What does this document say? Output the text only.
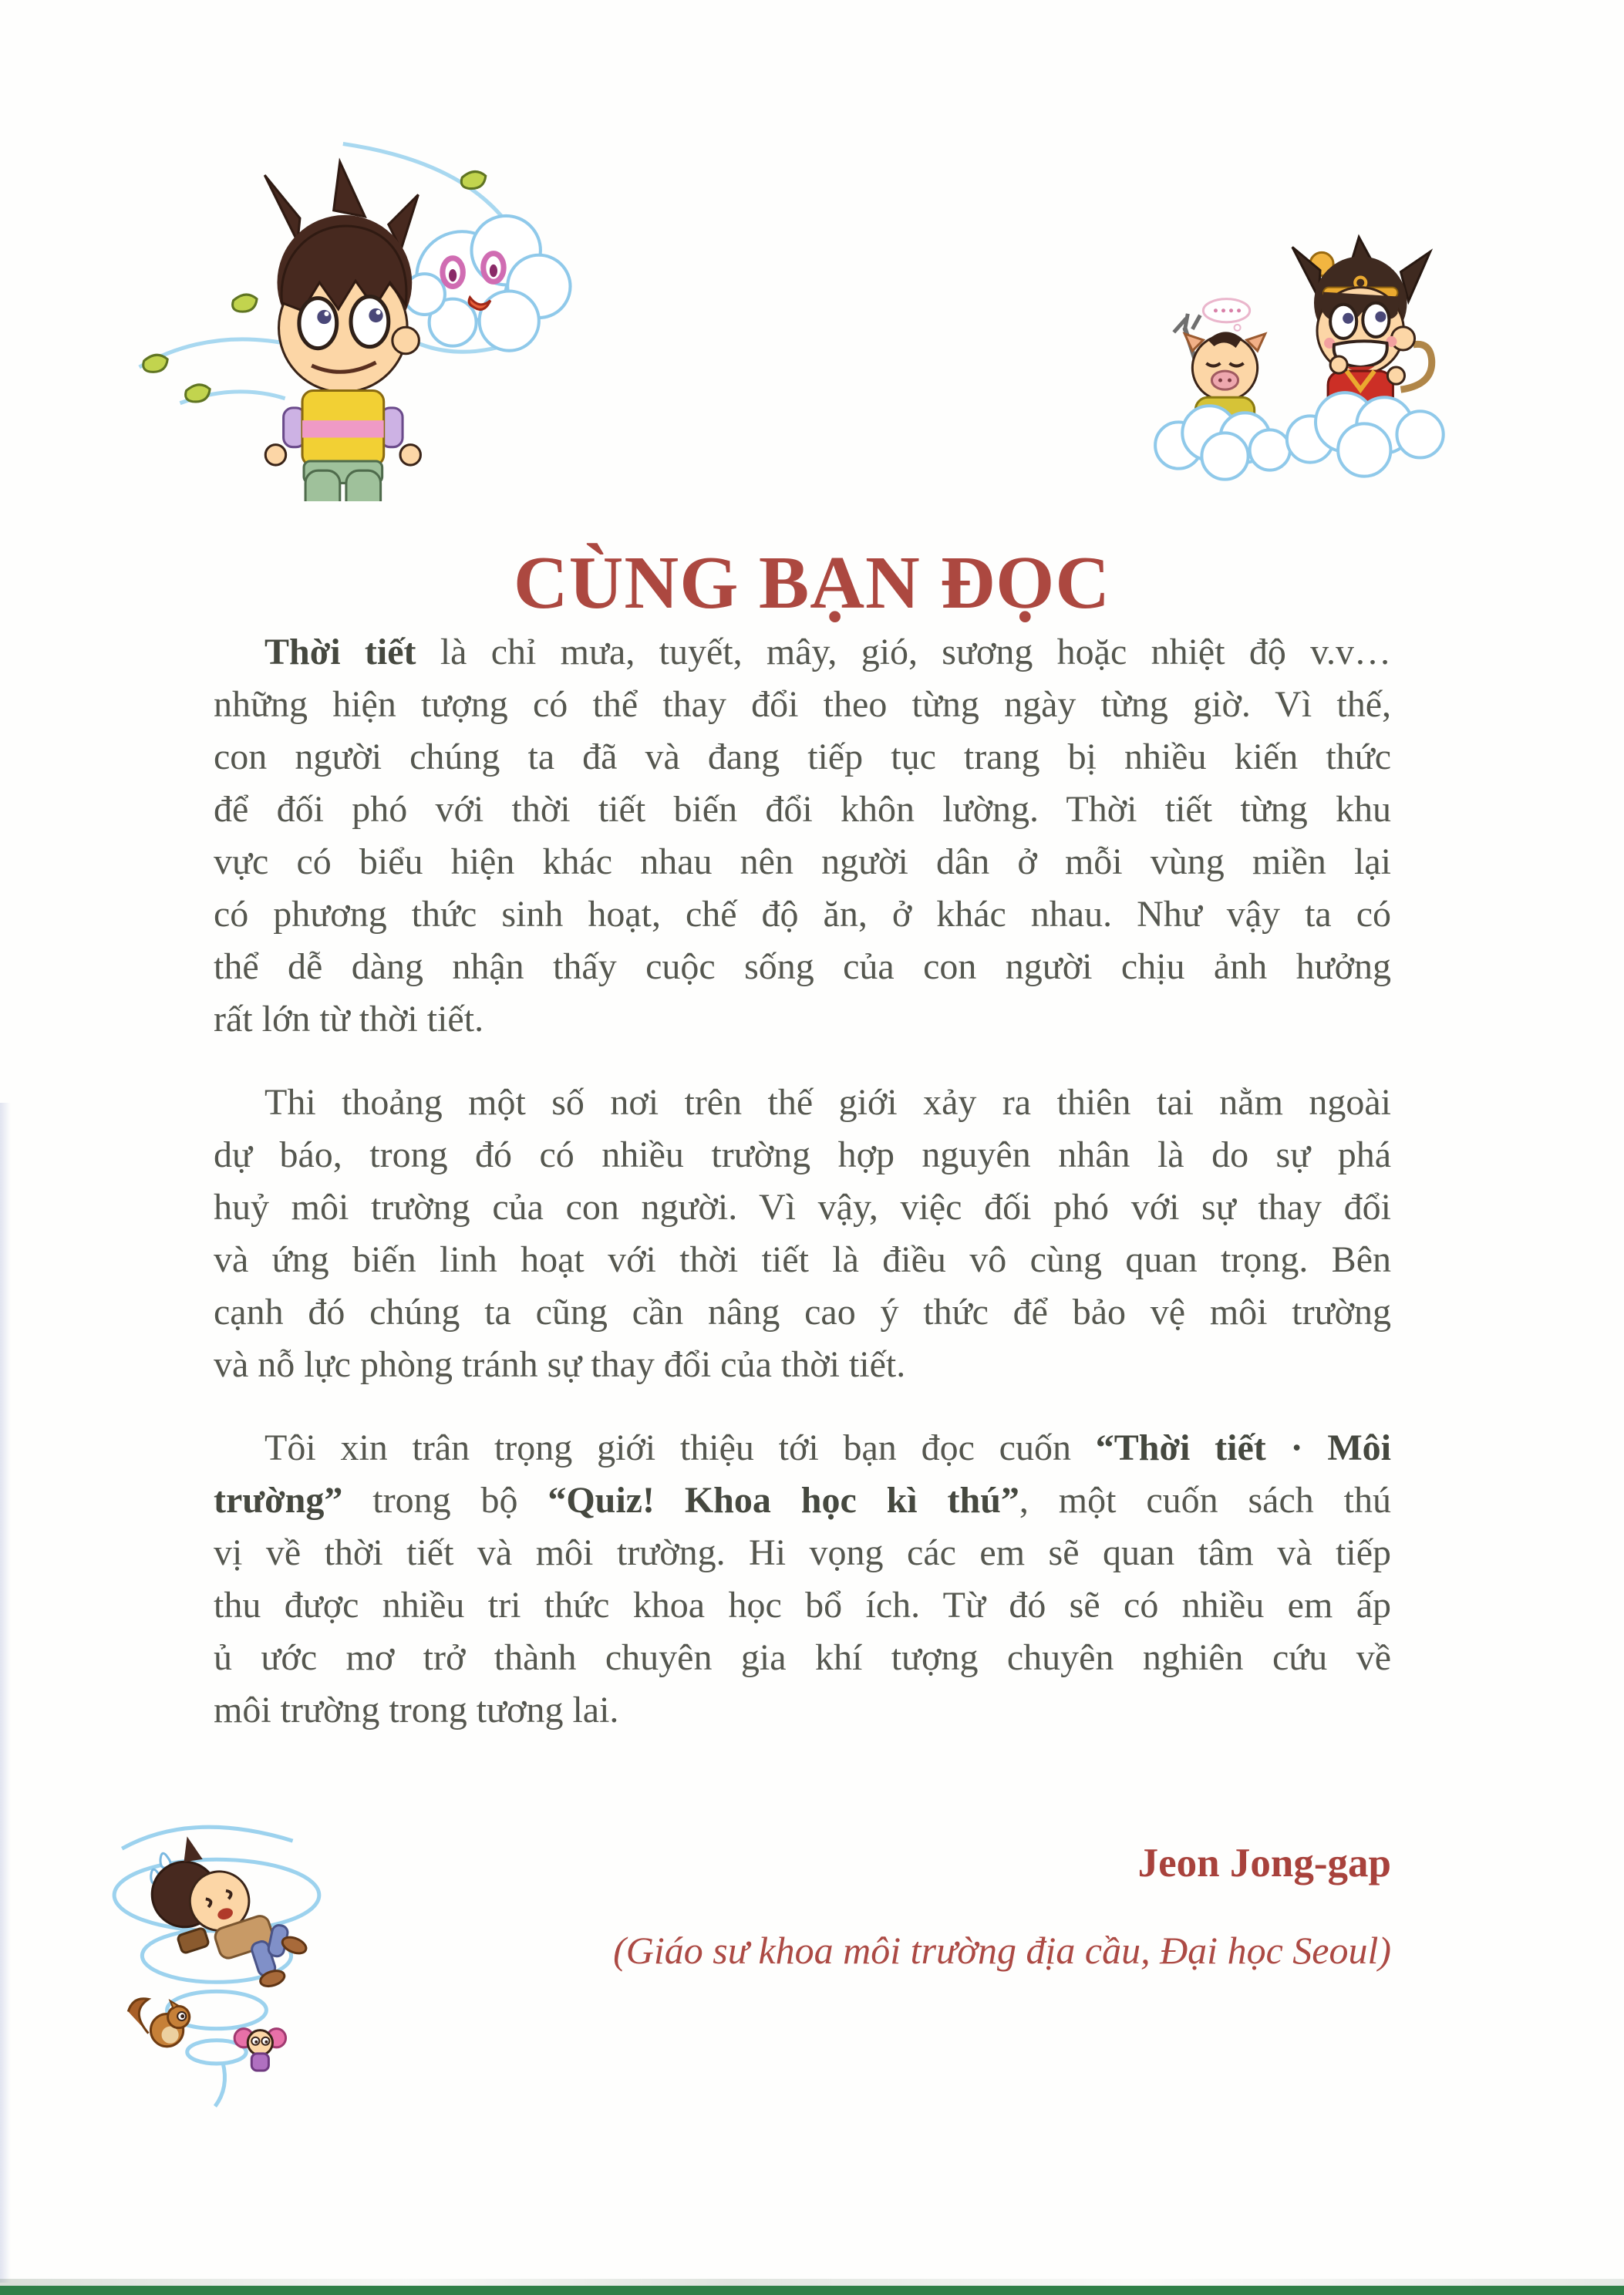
CÙNG BẠN ĐỌC
Thời tiết là chỉ mưa, tuyết, mây, gió, sương hoặc nhiệt độ v.v…
những hiện tượng có thể thay đổi theo từng ngày từng giờ. Vì thế,
con người chúng ta đã và đang tiếp tục trang bị nhiều kiến thức
để đối phó với thời tiết biến đổi khôn lường. Thời tiết từng khu
vực có biểu hiện khác nhau nên người dân ở mỗi vùng miền lại
có phương thức sinh hoạt, chế độ ăn, ở khác nhau. Như vậy ta có
thể dễ dàng nhận thấy cuộc sống của con người chịu ảnh hưởng
rất lớn từ thời tiết.
Thi thoảng một số nơi trên thế giới xảy ra thiên tai nằm ngoài
dự báo, trong đó có nhiều trường hợp nguyên nhân là do sự phá
huỷ môi trường của con người. Vì vậy, việc đối phó với sự thay đổi
và ứng biến linh hoạt với thời tiết là điều vô cùng quan trọng. Bên
cạnh đó chúng ta cũng cần nâng cao ý thức để bảo vệ môi trường
và nỗ lực phòng tránh sự thay đổi của thời tiết.
Tôi xin trân trọng giới thiệu tới bạn đọc cuốn “Thời tiết · Môi
trường” trong bộ “Quiz! Khoa học kì thú”, một cuốn sách thú
vị về thời tiết và môi trường. Hi vọng các em sẽ quan tâm và tiếp
thu được nhiều tri thức khoa học bổ ích. Từ đó sẽ có nhiều em ấp
ủ ước mơ trở thành chuyên gia khí tượng chuyên nghiên cứu về
môi trường trong tương lai.
Jeon Jong-gap
(Giáo sư khoa môi trường địa cầu, Đại học Seoul)
